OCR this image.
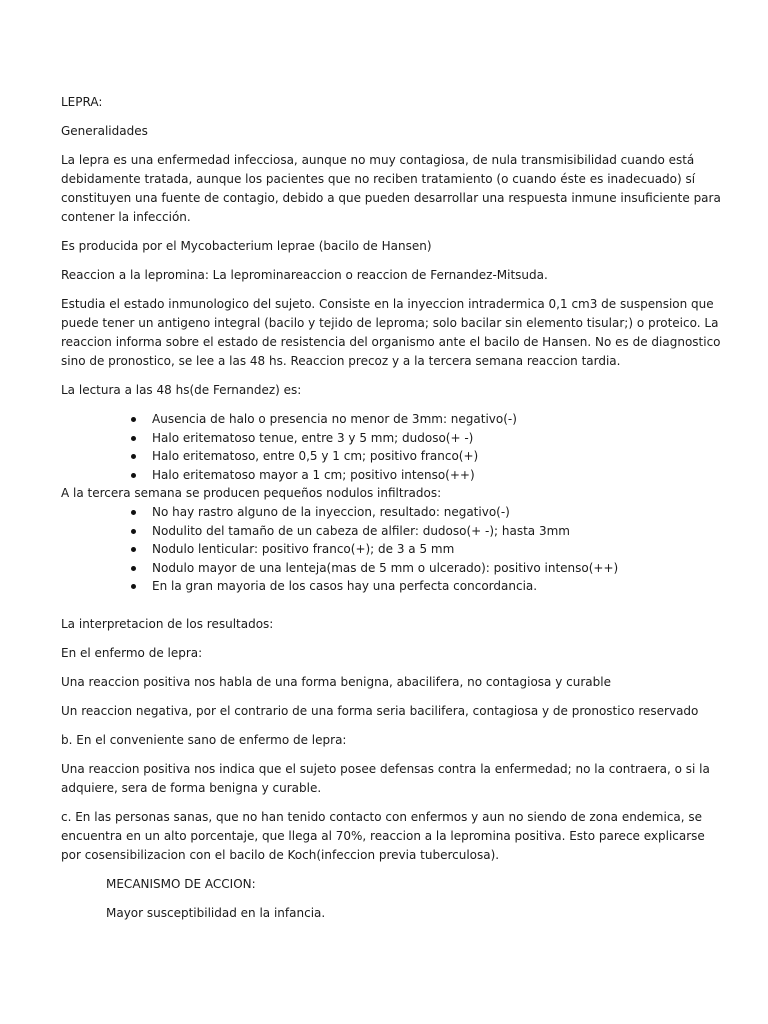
LEPRA:

Generalidades

La lepra es una enfermedad infecciosa, aunque no muy contagiosa, de nula transmisibilidad cuando está debidamente tratada, aunque los pacientes que no reciben tratamiento (o cuando éste es inadecuado) sí constituyen una fuente de contagio, debido a que pueden desarrollar una respuesta inmune insuficiente para contener la infección.

Es producida por el Mycobacterium leprae (bacilo de Hansen)

Reaccion a la lepromina: La leprominareaccion o reaccion de Fernandez-Mitsuda.

Estudia el estado inmunologico del sujeto. Consiste en la inyeccion intradermica 0,1 cm3 de suspension que puede tener un antigeno integral (bacilo y tejido de leproma; solo bacilar sin elemento tisular;) o proteico. La reaccion informa sobre el estado de resistencia del organismo ante el bacilo de Hansen. No es de diagnostico sino de pronostico, se lee a las 48 hs. Reaccion precoz y a la tercera semana reaccion tardia.

La lectura a las 48 hs(de Fernandez) es:

Ausencia de halo o presencia no menor de 3mm: negativo(-)
Halo eritematoso tenue, entre 3 y 5 mm; dudoso(+ -)
Halo eritematoso, entre 0,5 y 1 cm; positivo franco(+)
Halo eritematoso mayor a 1 cm; positivo intenso(++)

A la tercera semana se producen pequeños nodulos infiltrados:

No hay rastro alguno de la inyeccion, resultado: negativo(-)
Nodulito del tamaño de un cabeza de alfiler: dudoso(+ -); hasta 3mm
Nodulo lenticular: positivo franco(+); de 3 a 5 mm
Nodulo mayor de una lenteja(mas de 5 mm o ulcerado): positivo intenso(++)
En la gran mayoria de los casos hay una perfecta concordancia.

La interpretacion de los resultados:

En el enfermo de lepra:

Una reaccion positiva nos habla de una forma benigna, abacilifera, no contagiosa y curable

Un reaccion negativa, por el contrario de una forma seria bacilifera, contagiosa y de pronostico reservado

b. En el conveniente sano de enfermo de lepra:

Una reaccion positiva nos indica que el sujeto posee defensas contra la enfermedad; no la contraera, o si la adquiere, sera de forma benigna y curable.

c. En las personas sanas, que no han tenido contacto con enfermos y aun no siendo de zona endemica, se encuentra en un alto porcentaje, que llega al 70%, reaccion a la lepromina positiva. Esto parece explicarse por cosensibilizacion con el bacilo de Koch(infeccion previa tuberculosa).

MECANISMO DE ACCION:

Mayor susceptibilidad en la infancia.
